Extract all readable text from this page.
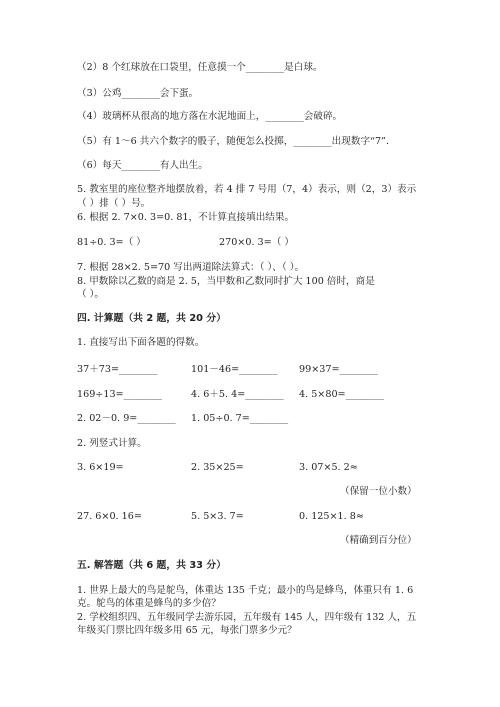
（2）8 个红球放在口袋里，任意摸一个________是白球。
（3）公鸡________会下蛋。
（4）玻璃杯从很高的地方落在水泥地面上，________会破碎。
（5）有 1～6 共六个数字的骰子，随便怎么投掷，________出现数字“7”．
（6）每天________有人出生。
5. 教室里的座位整齐地摆放着，若 4 排 7 号用（7，4）表示，则（2，3）表示
（ ）排（ ）号。
6. 根据 2. 7×0. 3=0. 81，不计算直接填出结果。
81÷0. 3=（ ）	270×0. 3=（ ）
7. 根据 28×2. 5=70 写出两道除法算式：（ ）、（ ）。
8. 甲数除以乙数的商是 2. 5，当甲数和乙数同时扩大 100 倍时，商是
（ ）。
四. 计算题（共 2 题，共 20 分）
1. 直接写出下面各题的得数。
37＋73=________	101－46=________ 99×37=________
169÷13=________	4. 6＋5. 4=________ 4. 5×80=________
2. 02－0. 9=________ 1. 05÷0. 7=________
2. 列竖式计算。
3. 6×19=	2. 35×25=	3. 07×5. 2≈
（保留一位小数）
27. 6×0. 16=	5. 5×3. 7=	0. 125×1. 8≈
（精确到百分位）
五. 解答题（共 6 题，共 33 分）
1. 世界上最大的鸟是鸵鸟，体重达 135 千克；最小的鸟是蜂鸟，体重只有 1. 6
克。鸵鸟的体重是蜂鸟的多少倍？
2. 学校组织四、五年级同学去游乐园，五年级有 145 人，四年级有 132 人，五
年级买门票比四年级多用 65 元，每张门票多少元？
